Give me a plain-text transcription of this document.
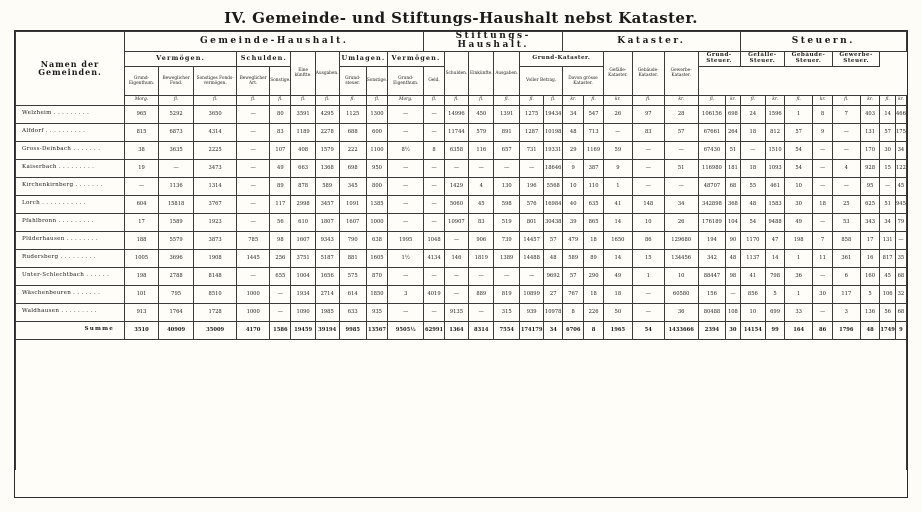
IV. Gemeinde- und Stiftungs-Haushalt nebst Kataster.
Namen der Gemeinden.	Gemeinde-Haushalt.										Stiftungs-Haushalt.						Kataster.							Steuern.							
	Vermögen.			Schulden.		Eine künftte.	Ausgaben.	Umlagen.		Vermögen.		Schulden.	Einkünfte.	Ausgaben.	Grund-Kataster.				Gefälle-Kataster.	Gebäude-Kataster.	Gewerbe-Kataster.	Grund-Steuer.		Gefälle-Steuer.		Gebäude-Steuer.		Gewerbe-Steuer.			
	Grund-Eigenthum.	Beweglicher Fond.	Sonstiges Fonds-vermögen.	Beweglicher Art.	Sonstige.			Grund-steuer.	Sonstige.	Grund-Eigenthum.	Geld.				Voller Betrag.		Davon grösse Kataster.														
	Morg.	fl.	fl.	fl.	fl.	fl.	fl.	fl.	fl.	Morg.	fl.	fl.	fl.	fl.	fl.	fl.	kr.	fl.	kr.	fl.	kr.	fl.	kr.	fl.	kr.	fl.	kr.	fl.	kr.	fl.	kr.
Welzheim . . . . . . . . .	965	5292	3650	—	80	3591	4295	1125	1300	—	—	14996	450	1391	1275	19434	34	547	26	97	28	106156	698	24	1596	1	8	7	403	14	466
Alfdorf . . . . . . . . . .	815	6873	4314	—	83	1189	2278	688	600	—	—	11744	579	891	1287	10198	48	713	—	83	57	67661	264	18	812	57	9	—	131	57	175
Gross-Deinbach . . . . . . .	38	3635	2225	—	107	408	1579	222	1100	8½	8	6358	116	657	731	19331	29	1169	59	—	—	67430	51	—	1510	54	—	—	170	30	34
Kaiserbach . . . . . . . . .	19	—	3473	—	49	663	1368	698	950	—	—	—	—	—	—	18646	9	387	9	—	51	116980	181	18	1093	54	—	4	928	15	122
Kirchenkirnberg . . . . . . .	—	1136	1314	—	89	878	589	345	800	—	—	1429	4	130	196	5568	10	110	1	—	—	48707	68	55	461	10	—	—	95	—	45
Lorch . . . . . . . . . . .	604	15818	3767	—	117	2998	3457	1091	1385	—	—	5060	45	598	576	16984	40	635	41	148	34	342898	368	48	1583	30	18	25	625	51	945
Pfahlbronn . . . . . . . . .	17	1589	1923	—	56	610	1807	1607	1000	—	—	10907	83	519	801	30438	39	865	14	10	26	176189	104	54	9488	49	—	53	343	34	79
Plüderhausen . . . . . . . .	188	5579	3873	785	98	1607	9343	790	638	1995	1048	—	906	739	14457	57	479	18	1650	86	129680	194	90	1170	47	198	7	858	17	131	—
Rudersberg . . . . . . . . .	1005	3696	1908	1445	256	3751	5187	881	1605	1½	4134	146	1819	1389	14488	48	589	89	14	15	134456	342	48	1137	14	1	11	361	16	817	35
Unter-Schlechtbach . . . . . .	198	2788	8148	—	655	1004	1656	575	870	—	—	—	—	—	—	9692	57	290	49	1	10	88447	98	41	798	36	—	6	160	45	68
Wäschenbeuren . . . . . . .	101	795	8510	1000	—	1934	2714	614	1850	3	4019	—	889	819	10899	27	767	18	18	—	60580	156	—	856	5	1	30	117	5	106	32
Waldhausen . . . . . . . . .	913	1764	1728	1000	—	1090	1985	633	935	—	—	9135	—	315	939	10978	8	226	50	—	36	80488	108	10	699	33	—	3	136	56	68
Summe	3510	40909	35009	4170	1586	19459	39194	9985	13567	9505½	62991	1364	8314	7554	174179	34	6706	8	1965	54	1433666	2394	30	14154	99	164	86	1796	48	1749	9
